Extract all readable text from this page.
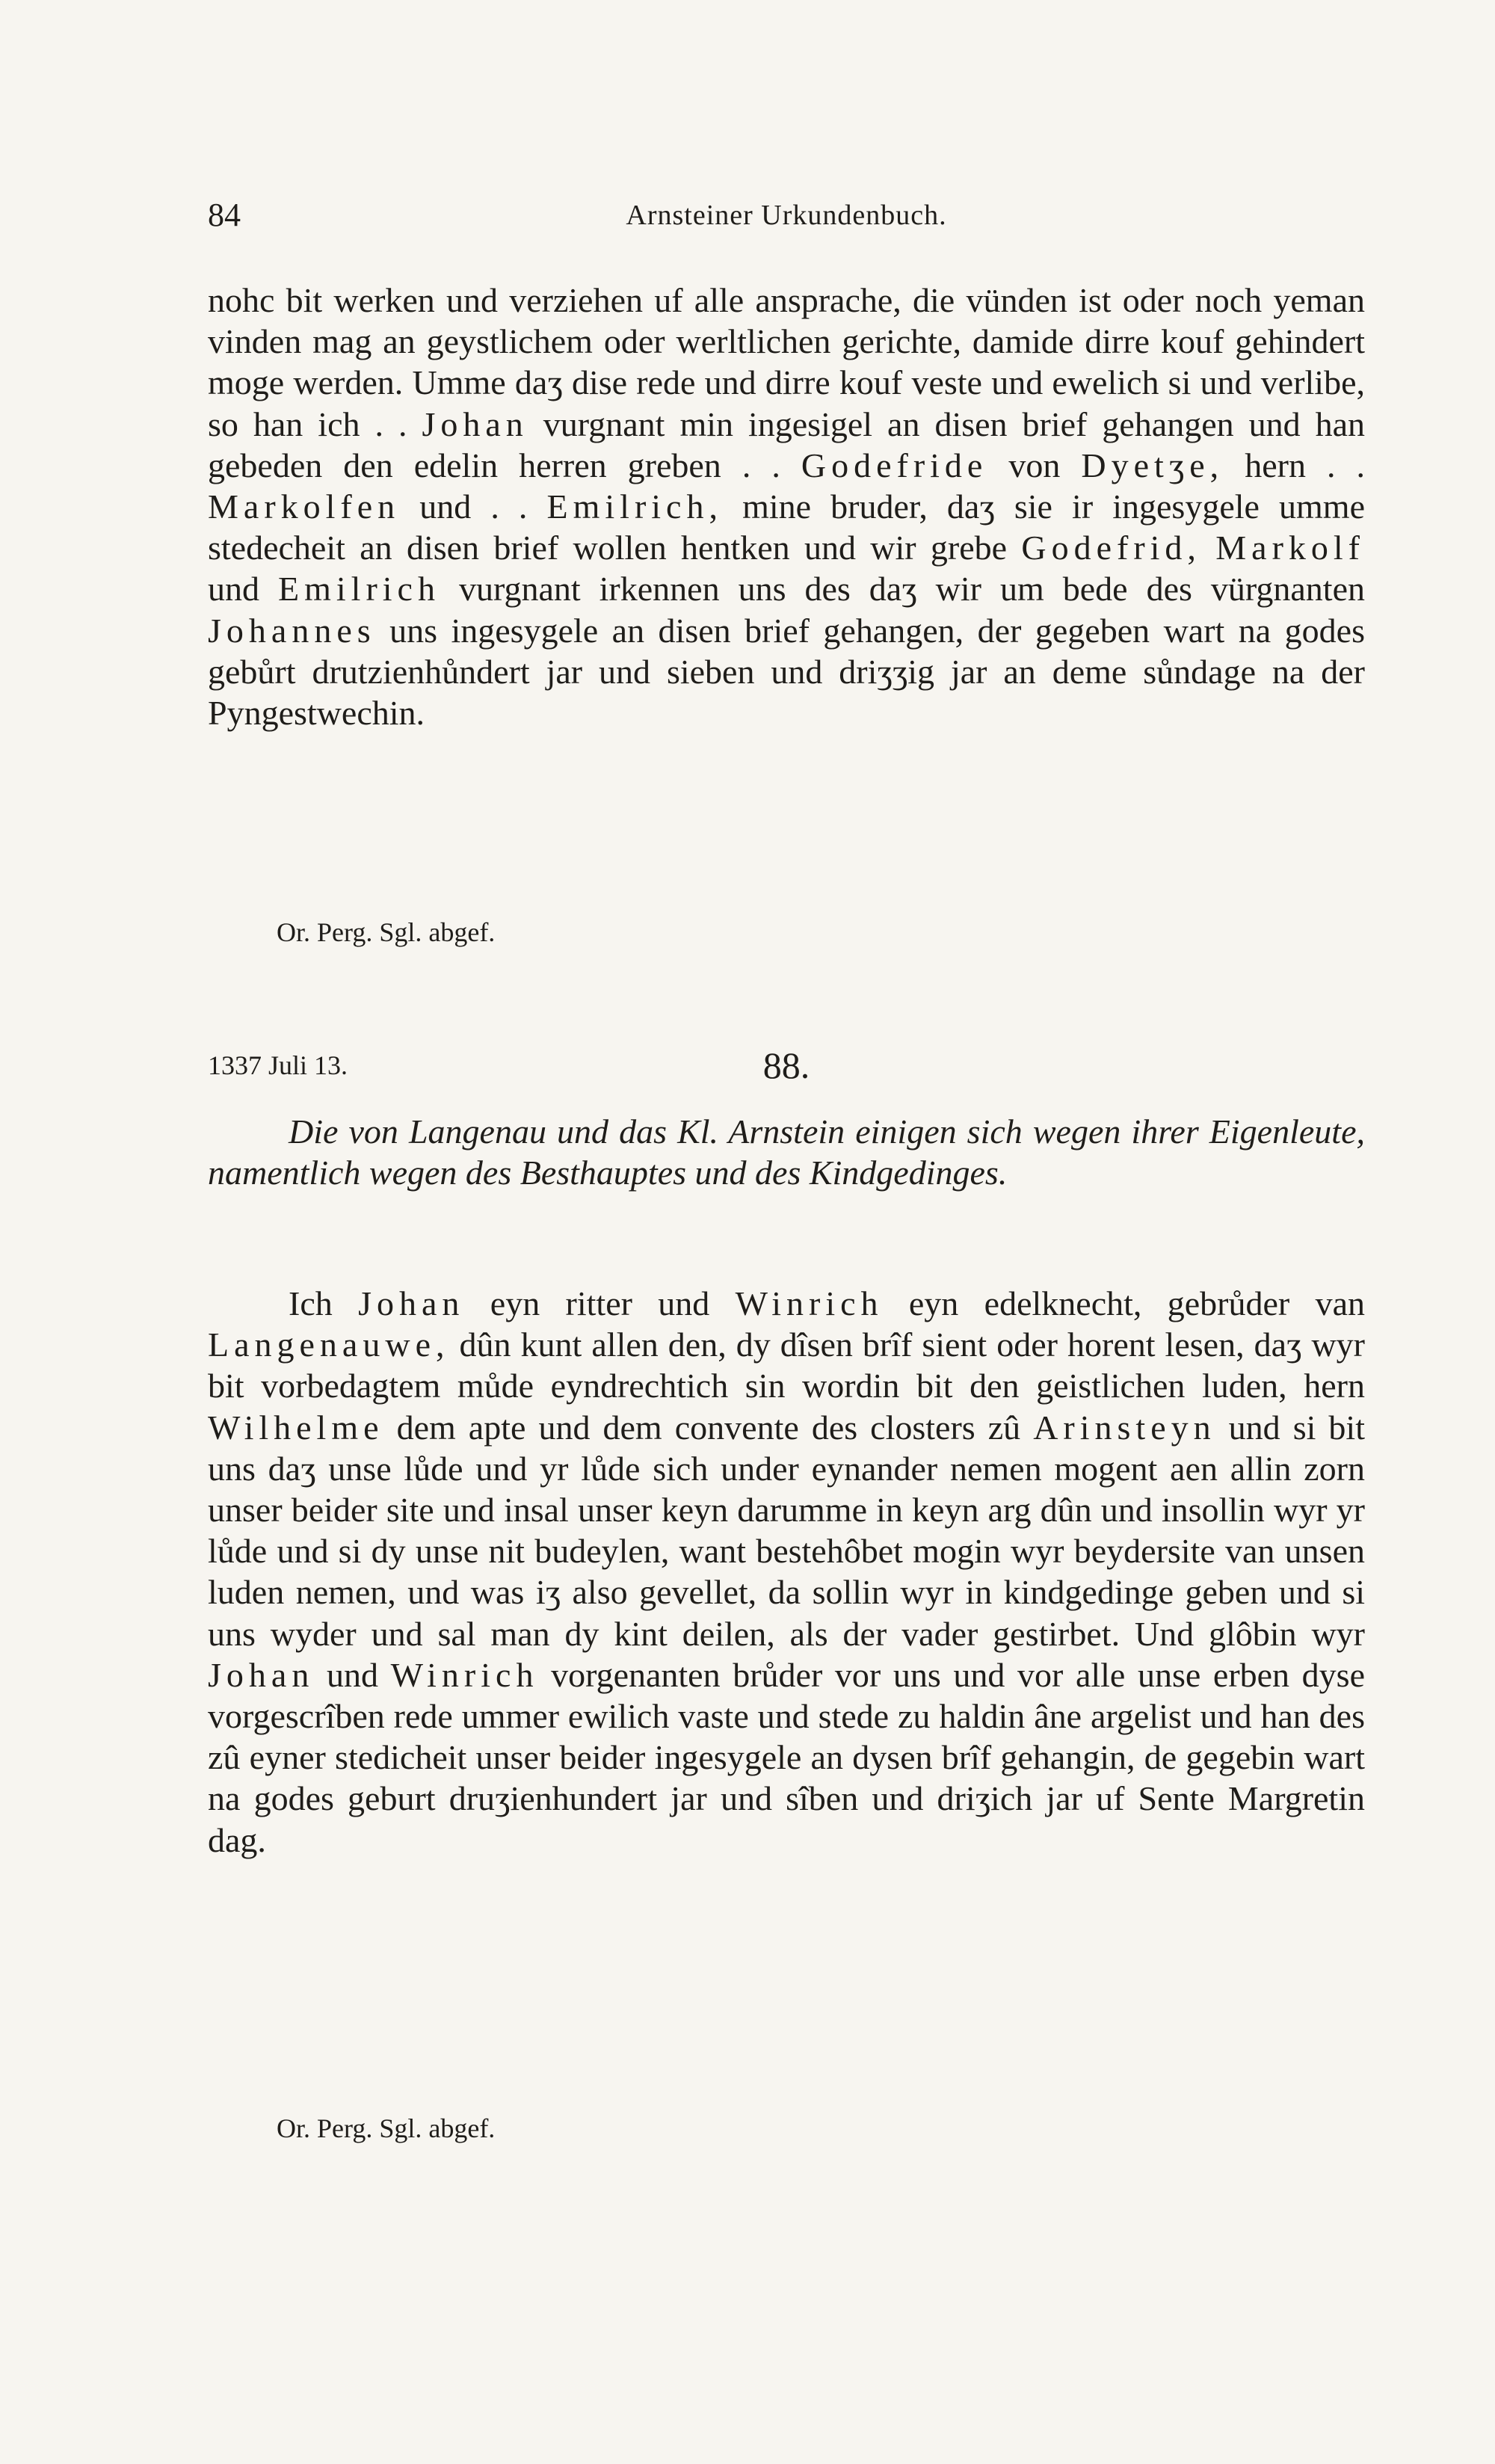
84	Arnsteiner Urkundenbuch.

nohc bit werken und verziehen uf alle ansprache, die vünden ist oder noch yeman vinden mag an geystlichem oder werltlichen gerichte, damide dirre kouf gehindert moge werden. Umme daʒ dise rede und dirre kouf veste und ewelich si und verlibe, so han ich . . Johan vurgnant min ingesigel an disen brief gehangen und han gebeden den edelin herren greben . . Godefride von Dyetʒe, hern . . Markolfen und . . Emilrich, mine bruder, daʒ sie ir ingesygele umme stedecheit an disen brief wollen hentken und wir grebe Godefrid, Markolf und Emilrich vurgnant irkennen uns des daʒ wir um bede des vürgnanten Johannes uns ingesygele an disen brief gehangen, der gegeben wart na godes gebůrt drutzienhůndert jar und sieben und driʒʒig jar an deme sůndage na der Pyngestwechin.

Or. Perg. Sgl. abgef.
1337 Juli 13.	88.

Die von Langenau und das Kl. Arnstein einigen sich wegen ihrer Eigenleute, namentlich wegen des Besthauptes und des Kindgedinges.

Ich Johan eyn ritter und Winrich eyn edelknecht, gebrůder van Langenauwe, dûn kunt allen den, dy dîsen brîf sient oder horent lesen, daʒ wyr bit vorbedagtem můde eyndrechtich sin wordin bit den geistlichen luden, hern Wilhelme dem apte und dem convente des closters zû Arinsteyn und si bit uns daʒ unse lůde und yr lůde sich under eynander nemen mogent aen allin zorn unser beider site und insal unser keyn darumme in keyn arg dûn und insollin wyr yr lůde und si dy unse nit budeylen, want bestehôbet mogin wyr beydersite van unsen luden nemen, und was iʒ also gevellet, da sollin wyr in kindgedinge geben und si uns wyder und sal man dy kint deilen, als der vader gestirbet. Und glôbin wyr Johan und Winrich vorgenanten brůder vor uns und vor alle unse erben dyse vorgescrîben rede ummer ewilich vaste und stede zu haldin âne argelist und han des zû eyner stedicheit unser beider ingesygele an dysen brîf gehangin, de gegebin wart na godes geburt druʒienhundert jar und sîben und driʒich jar uf Sente Margretin dag.

Or. Perg. Sgl. abgef.
